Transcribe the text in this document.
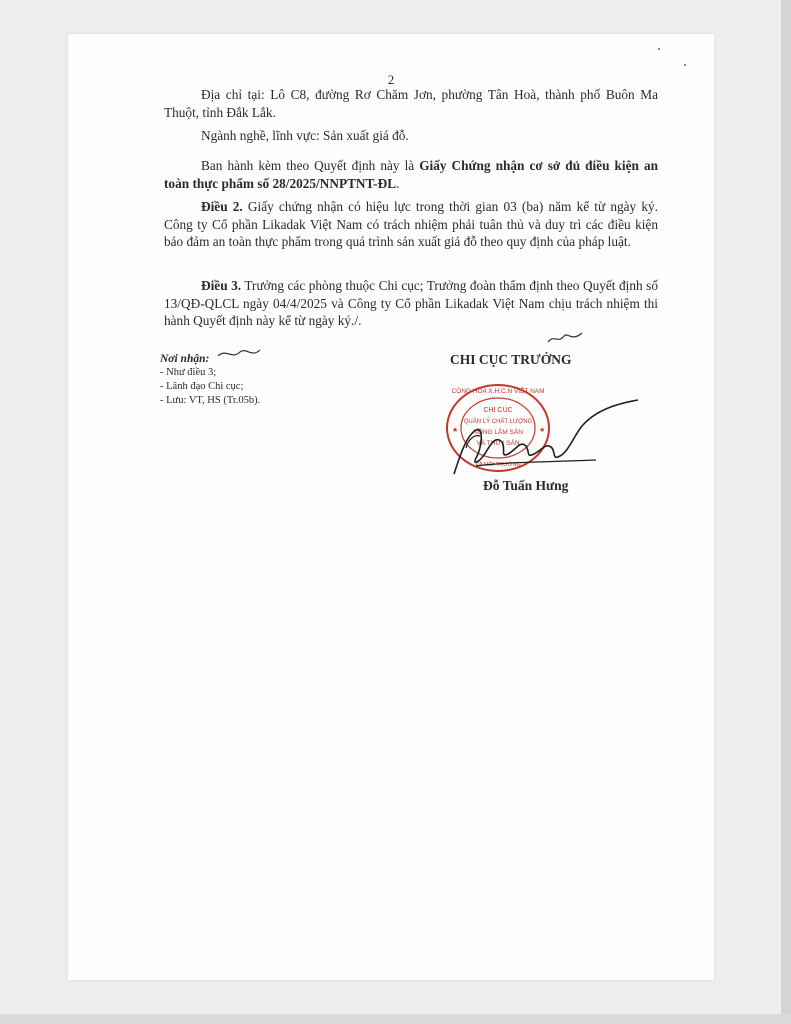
2

Địa chỉ tại: Lô C8, đường Rơ Chăm Jơn, phường Tân Hoà, thành phố Buôn Ma Thuột, tỉnh Đắk Lắk.

Ngành nghề, lĩnh vực: Sản xuất giá đỗ.

Ban hành kèm theo Quyết định này là Giấy Chứng nhận cơ sở đủ điều kiện an toàn thực phẩm số 28/2025/NNPTNT-ĐL.

Điều 2. Giấy chứng nhận có hiệu lực trong thời gian 03 (ba) năm kể từ ngày ký. Công ty Cổ phần Likadak Việt Nam có trách nhiệm phải tuân thủ và duy trì các điều kiện bảo đảm an toàn thực phẩm trong quá trình sản xuất giá đỗ theo quy định của pháp luật.

Điều 3. Trưởng các phòng thuộc Chi cục; Trưởng đoàn thẩm định theo Quyết định số 13/QĐ-QLCL ngày 04/4/2025 và Công ty Cổ phần Likadak Việt Nam chịu trách nhiệm thi hành Quyết định này kể từ ngày ký./.

Nơi nhận:
- Như điều 3;
- Lãnh đạo Chi cục;
- Lưu: VT, HS (Tr.05b).
CHI CỤC TRƯỞNG
CỘNG HÒA X.H.C.N VIỆT NAM
CHI CỤC
QUẢN LÝ CHẤT LƯỢNG
NÔNG LÂM SẢN
VÀ THỦY SẢN
VÀ MÔI TRƯỜNG
★	★
Đỗ Tuấn Hưng
